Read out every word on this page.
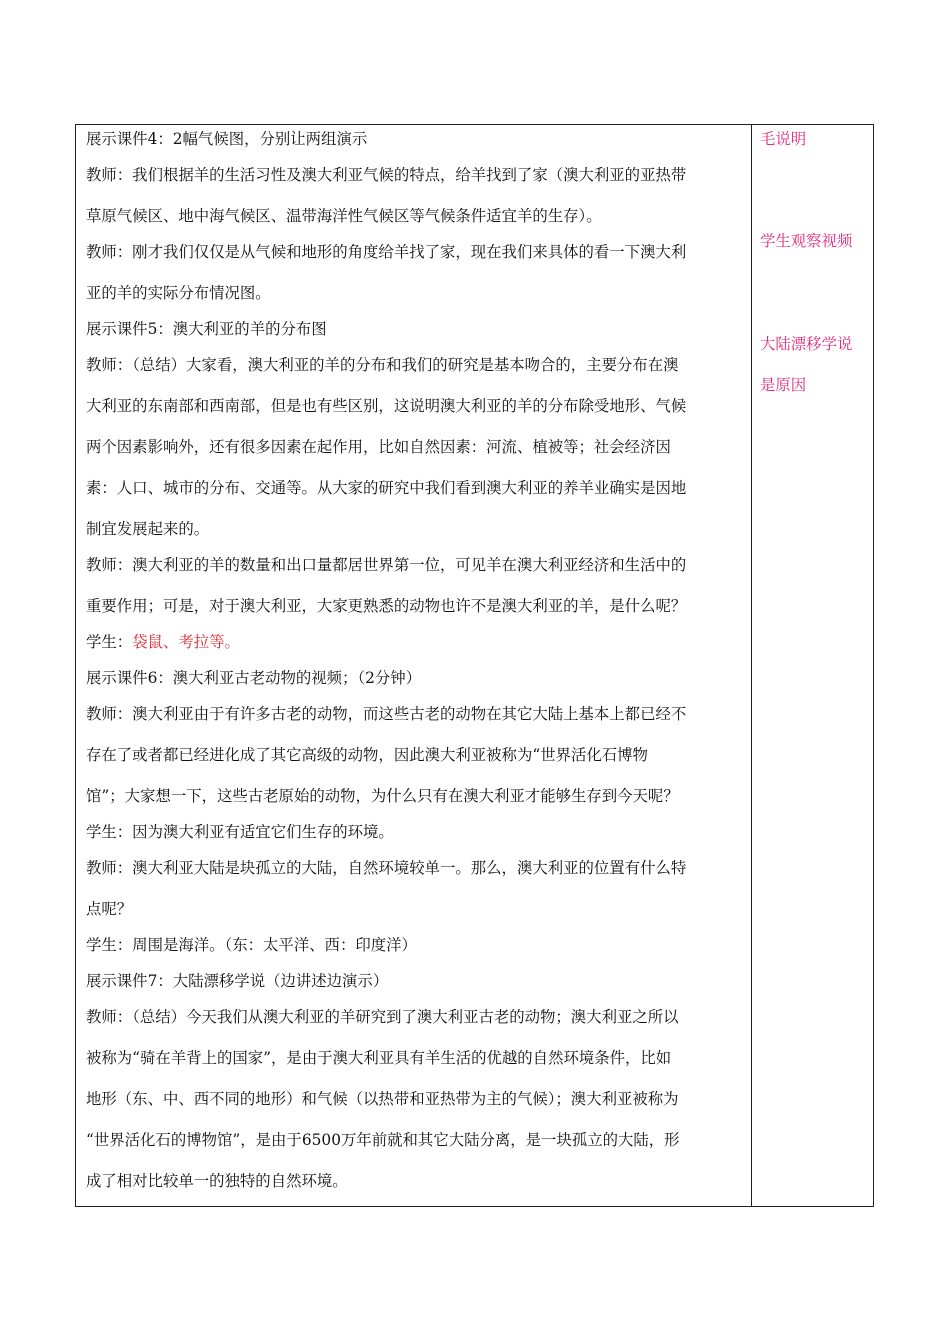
展示课件4：2幅气候图，分别让两组演示
教师：我们根据羊的生活习性及澳大利亚气候的特点，给羊找到了家（澳大利亚的亚热带
草原气候区、地中海气候区、温带海洋性气候区等气候条件适宜羊的生存）。
教师：刚才我们仅仅是从气候和地形的角度给羊找了家，现在我们来具体的看一下澳大利
亚的羊的实际分布情况图。
展示课件5：澳大利亚的羊的分布图
教师：（总结）大家看，澳大利亚的羊的分布和我们的研究是基本吻合的，主要分布在澳
大利亚的东南部和西南部，但是也有些区别，这说明澳大利亚的羊的分布除受地形、气候
两个因素影响外，还有很多因素在起作用，比如自然因素：河流、植被等；社会经济因
素：人口、城市的分布、交通等。从大家的研究中我们看到澳大利亚的养羊业确实是因地
制宜发展起来的。
教师：澳大利亚的羊的数量和出口量都居世界第一位，可见羊在澳大利亚经济和生活中的
重要作用；可是，对于澳大利亚，大家更熟悉的动物也许不是澳大利亚的羊，是什么呢？
学生：袋鼠、考拉等。
展示课件6：澳大利亚古老动物的视频；（2分钟）
教师：澳大利亚由于有许多古老的动物，而这些古老的动物在其它大陆上基本上都已经不
存在了或者都已经进化成了其它高级的动物，因此澳大利亚被称为“世界活化石博物
馆”；大家想一下，这些古老原始的动物，为什么只有在澳大利亚才能够生存到今天呢？
学生：因为澳大利亚有适宜它们生存的环境。
教师：澳大利亚大陆是块孤立的大陆，自然环境较单一。那么，澳大利亚的位置有什么特
点呢？
学生：周围是海洋。（东：太平洋、西：印度洋）
展示课件7：大陆漂移学说（边讲述边演示）
教师：（总结）今天我们从澳大利亚的羊研究到了澳大利亚古老的动物；澳大利亚之所以
被称为“骑在羊背上的国家”，是由于澳大利亚具有羊生活的优越的自然环境条件，比如
地形（东、中、西不同的地形）和气候（以热带和亚热带为主的气候）；澳大利亚被称为
“世界活化石的博物馆”，是由于6500万年前就和其它大陆分离，是一块孤立的大陆，形
成了相对比较单一的独特的自然环境。
毛说明
学生观察视频
大陆漂移学说
是原因
